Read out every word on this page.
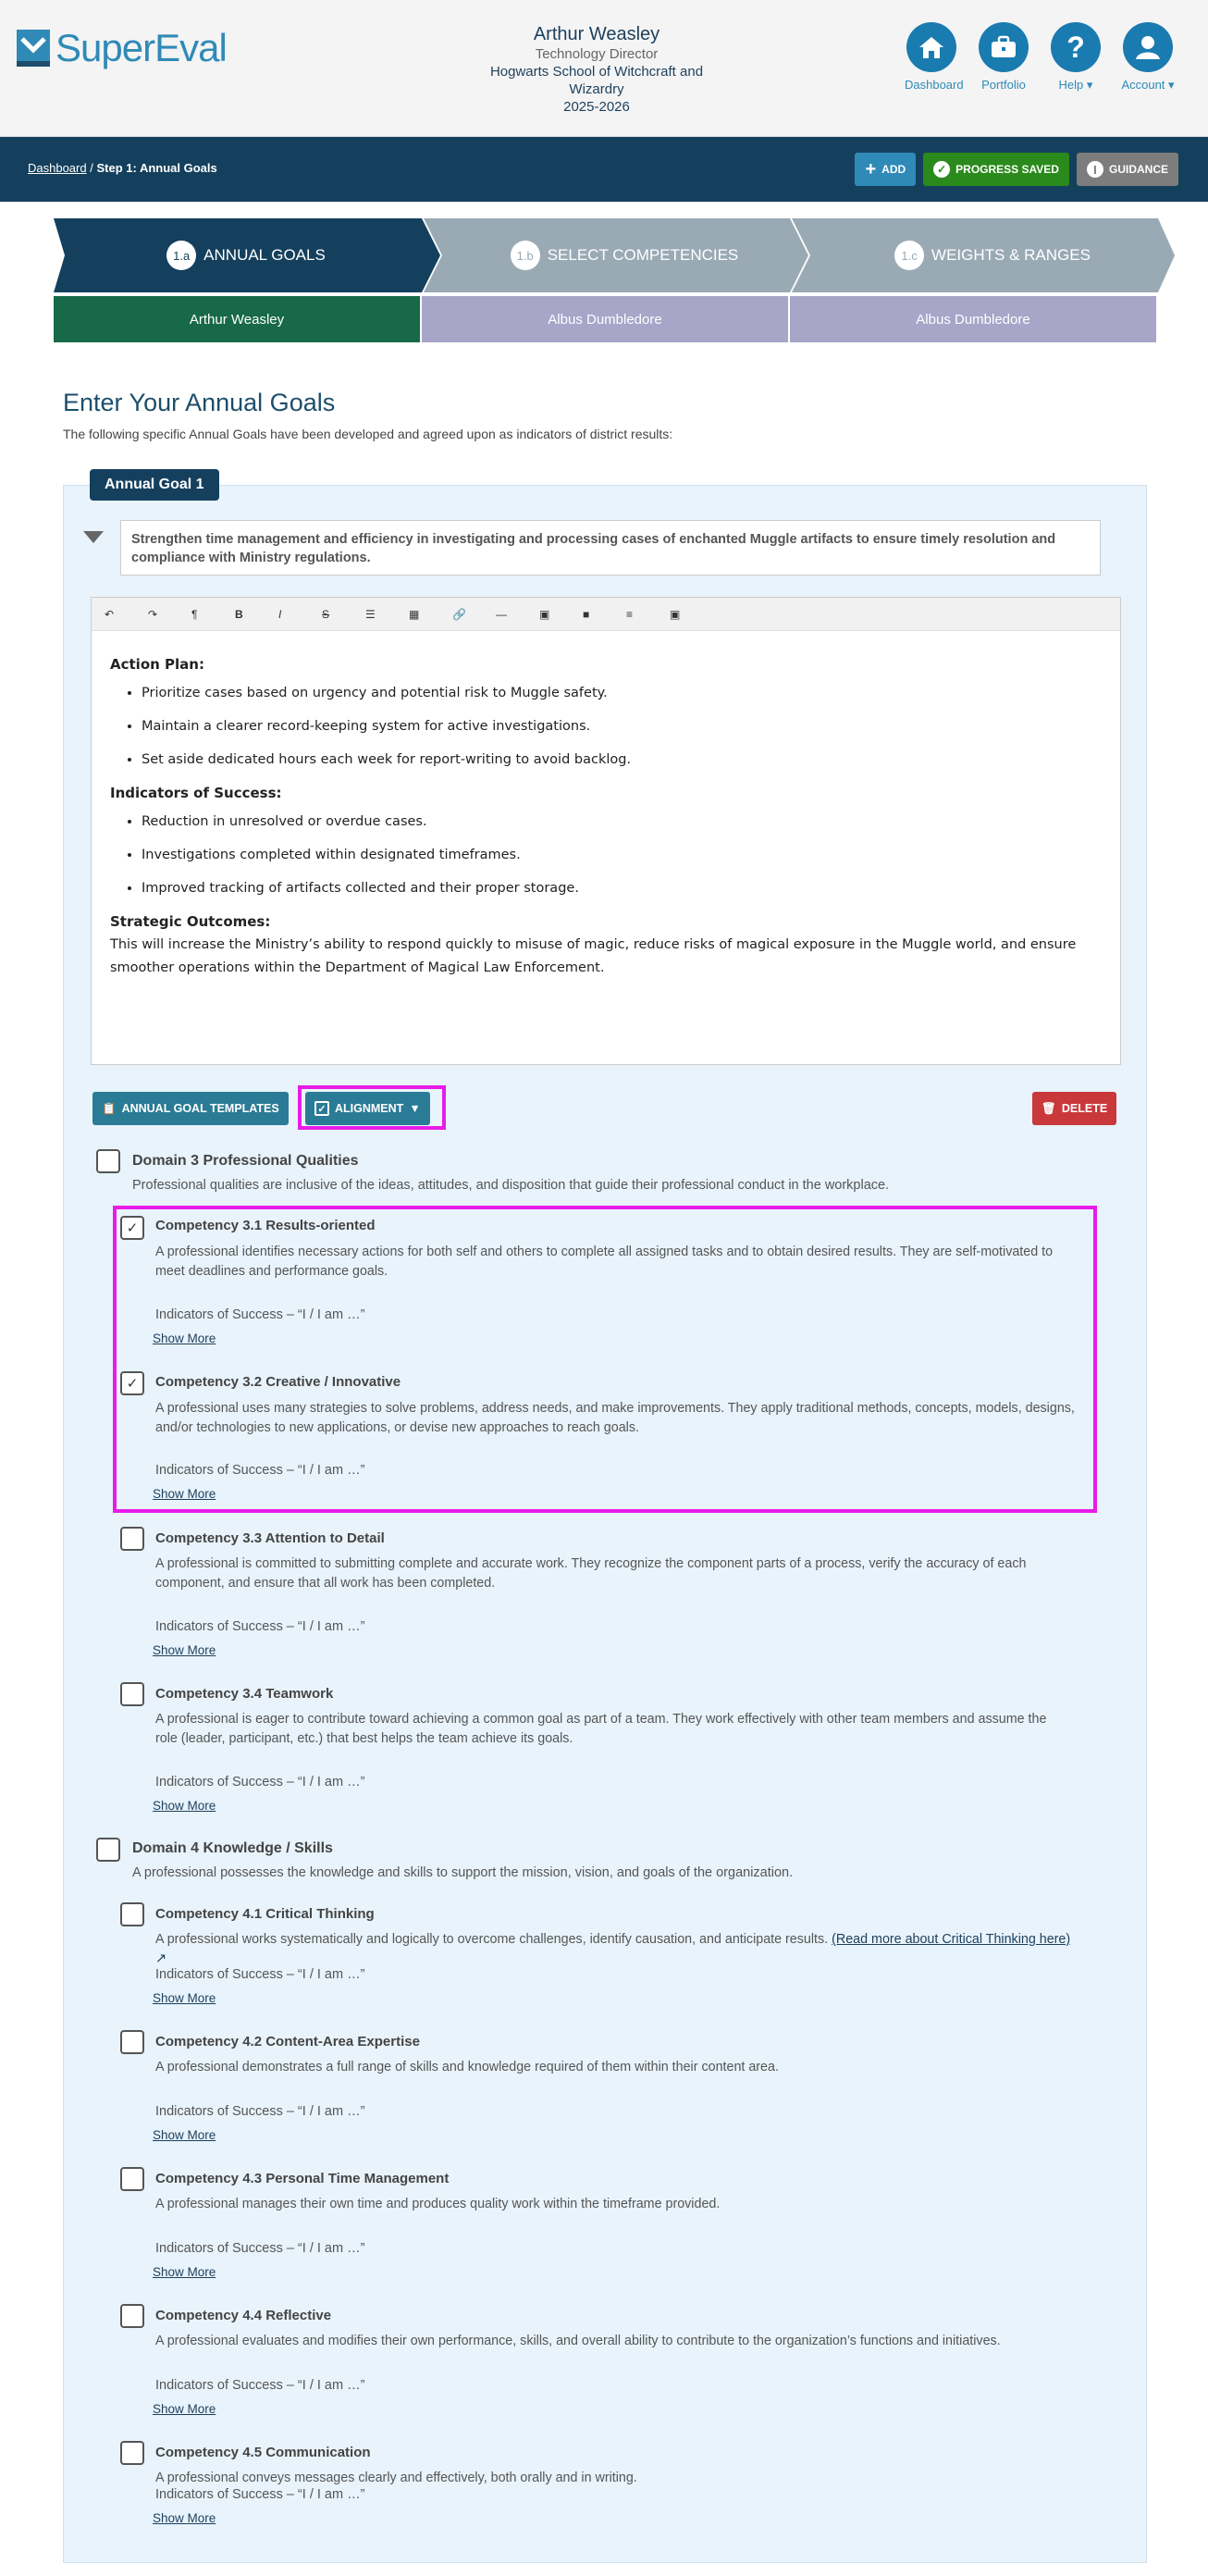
SuperEval	Arthur Weasley
Technology Director
Hogwarts School of Witchcraft and
Wizardry
2025-2026
Dashboard	Portfolio
?
Help ▾	Account ▾
Dashboard / Step 1: Annual Goals	+ ADD	✓ PROGRESS SAVED	I	GUIDANCE
1.a ANNUAL GOALS	1.b SELECT COMPETENCIES	1.c WEIGHTS & RANGES
Arthur Weasley	Albus Dumbledore	Albus Dumbledore
Enter Your Annual Goals
The following specific Annual Goals have been developed and agreed upon as indicators of district results:
Annual Goal 1
Strengthen time management and efficiency in investigating and processing cases of enchanted Muggle artifacts to ensure timely resolution and compliance with Ministry regulations.
↶	↷	¶	B	I	S	☰	▦	🔗	—	▣	■	≡	▣
Action Plan:
• Prioritize cases based on urgency and potential risk to Muggle safety.
• Maintain a clearer record-keeping system for active investigations.
• Set aside dedicated hours each week for report-writing to avoid backlog.
Indicators of Success:
• Reduction in unresolved or overdue cases.
• Investigations completed within designated timeframes.
• Improved tracking of artifacts collected and their proper storage.
Strategic Outcomes:

This will increase the Ministry’s ability to respond quickly to misuse of magic, reduce risks of magical exposure in the Muggle world, and ensure smoother operations within the Department of Magical Law Enforcement.

📋 ANNUAL GOAL TEMPLATES	✓ ALIGNMENT ▼	🗑 DELETE
Domain 3 Professional Qualities
Professional qualities are inclusive of the ideas, attitudes, and disposition that guide their professional conduct in the workplace.
✓ Competency 3.1 Results-oriented
A professional identifies necessary actions for both self and others to complete all assigned tasks and to obtain desired results. They are self-motivated to meet deadlines and performance goals.
Indicators of Success – “I / I am …”
Show More
✓ Competency 3.2 Creative / Innovative
A professional uses many strategies to solve problems, address needs, and make improvements. They apply traditional methods, concepts, models, designs, and/or technologies to new applications, or devise new approaches to reach goals.
Indicators of Success – “I / I am …”
Show More
Competency 3.3 Attention to Detail
A professional is committed to submitting complete and accurate work. They recognize the component parts of a process, verify the accuracy of each component, and ensure that all work has been completed.
Indicators of Success – “I / I am …”
Show More
Competency 3.4 Teamwork
A professional is eager to contribute toward achieving a common goal as part of a team. They work effectively with other team members and assume the role (leader, participant, etc.) that best helps the team achieve its goals.
Indicators of Success – “I / I am …”
Show More
Domain 4 Knowledge / Skills
A professional possesses the knowledge and skills to support the mission, vision, and goals of the organization.
Competency 4.1 Critical Thinking
A professional works systematically and logically to overcome challenges, identify causation, and anticipate results. (Read more about Critical Thinking here) ↗
Indicators of Success – “I / I am …”
Show More
Competency 4.2 Content-Area Expertise
A professional demonstrates a full range of skills and knowledge required of them within their content area.
Indicators of Success – “I / I am …”
Show More
Competency 4.3 Personal Time Management
A professional manages their own time and produces quality work within the timeframe provided.
Indicators of Success – “I / I am …”
Show More
Competency 4.4 Reflective
A professional evaluates and modifies their own performance, skills, and overall ability to contribute to the organization’s functions and initiatives.
Indicators of Success – “I / I am …”
Show More
Competency 4.5 Communication
A professional conveys messages clearly and effectively, both orally and in writing.
Indicators of Success – “I / I am …”
Show More
